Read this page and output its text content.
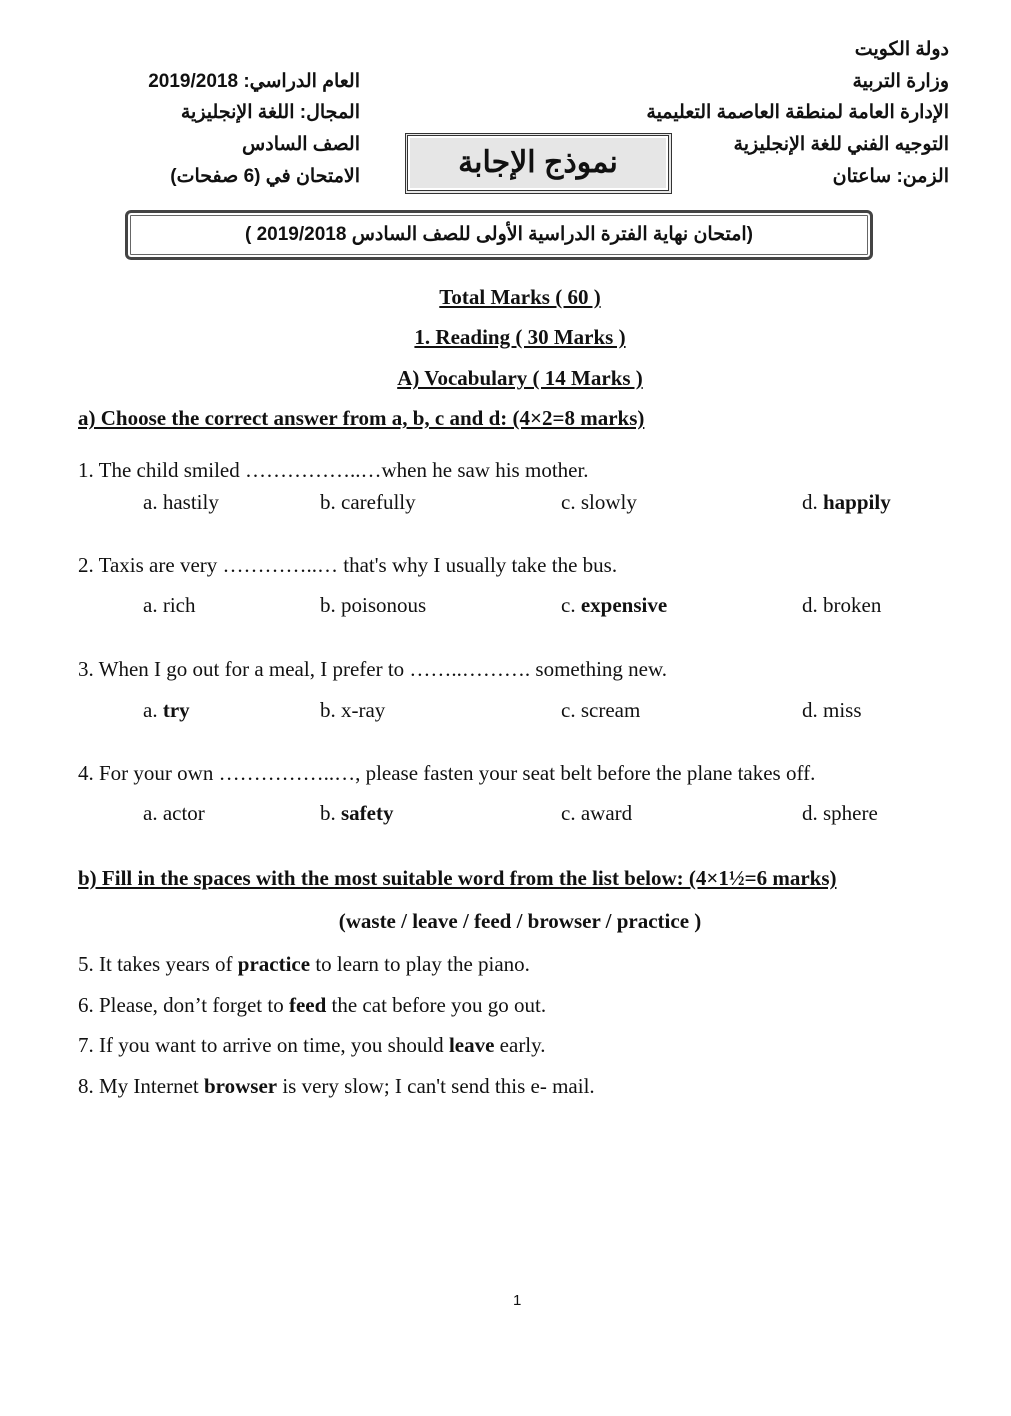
دولة الكويت
وزارة التربية
الإدارة العامة لمنطقة العاصمة التعليمية
التوجيه الفني للغة الإنجليزية
الزمن: ساعتان
العام الدراسي: 2019/2018
المجال: اللغة الإنجليزية
الصف السادس
الامتحان في (6 صفحات)	نموذج الإجابة
(امتحان نهاية الفترة الدراسية الأولى للصف السادس 2019/2018 )
Total Marks ( 60 )
1. Reading ( 30 Marks )
A) Vocabulary ( 14 Marks )
a) Choose the correct answer from a, b, c and d: (4×2=8 marks)
1. The child smiled ……………..…when he saw his mother.
a. hastily	b. carefully	c. slowly	d. happily
2. Taxis are very …………..… that's why I usually take the bus.
a. rich	b. poisonous	c. expensive	d. broken
3. When I go out for a meal, I prefer to ……..………. something new.
a. try	b. x-ray	c. scream	d. miss
4. For your own ……………..…, please fasten your seat belt before the plane takes off.
a. actor	b. safety	c. award	d. sphere
b) Fill in the spaces with the most suitable word from the list below: (4×1½=6 marks)
(waste / leave / feed / browser / practice )
5. It takes years of practice to learn to play the piano.
6. Please, don’t forget to feed the cat before you go out.
7. If you want to arrive on time, you should leave early.
8. My Internet browser is very slow; I can't send this e- mail.
1
